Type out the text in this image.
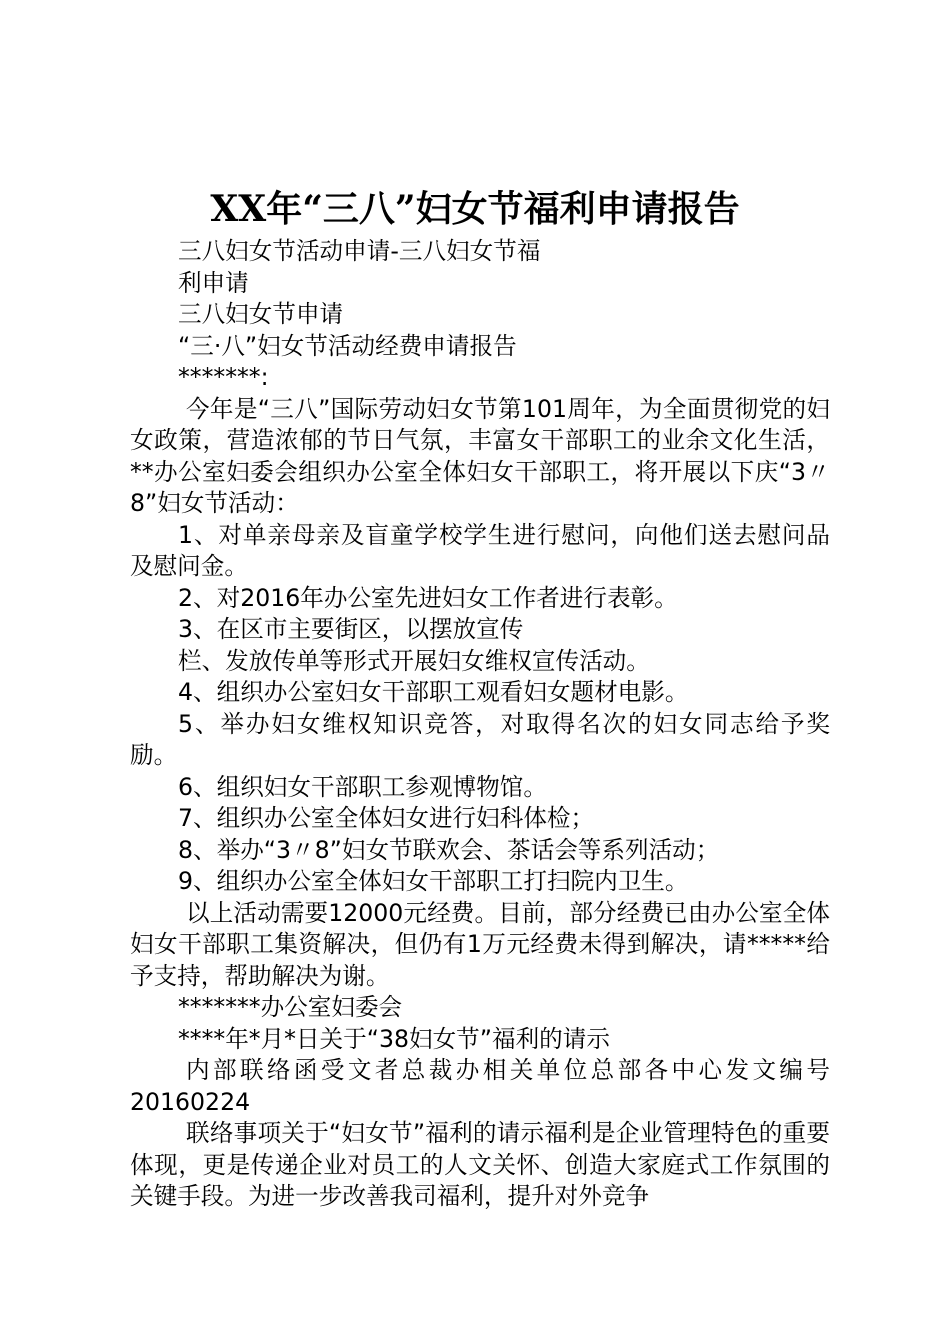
XX年“三八”妇女节福利申请报告

三八妇女节活动申请-三八妇女节福

利申请

三八妇女节申请

“三·八”妇女节活动经费申请报告

*******:

今年是“三八”国际劳动妇女节第101周年，为全面贯彻党的妇女政策，营造浓郁的节日气氛，丰富女干部职工的业余文化生活，**办公室妇委会组织办公室全体妇女干部职工，将开展以下庆“3〃8”妇女节活动：

1、对单亲母亲及盲童学校学生进行慰问，向他们送去慰问品及慰问金。

2、对2016年办公室先进妇女工作者进行表彰。

3、在区市主要街区，以摆放宣传

栏、发放传单等形式开展妇女维权宣传活动。

4、组织办公室妇女干部职工观看妇女题材电影。

5、举办妇女维权知识竞答，对取得名次的妇女同志给予奖励。

6、组织妇女干部职工参观博物馆。

7、组织办公室全体妇女进行妇科体检；

8、举办“3〃8”妇女节联欢会、茶话会等系列活动；

9、组织办公室全体妇女干部职工打扫院内卫生。

以上活动需要12000元经费。目前，部分经费已由办公室全体妇女干部职工集资解决，但仍有1万元经费未得到解决，请*****给予支持，帮助解决为谢。

*******办公室妇委会

****年*月*日关于“38妇女节”福利的请示

内部联络函受文者总裁办相关单位总部各中心发文编号20160224

联络事项关于“妇女节”福利的请示福利是企业管理特色的重要体现，更是传递企业对员工的人文关怀、创造大家庭式工作氛围的关键手段。为进一步改善我司福利，提升对外竞争
